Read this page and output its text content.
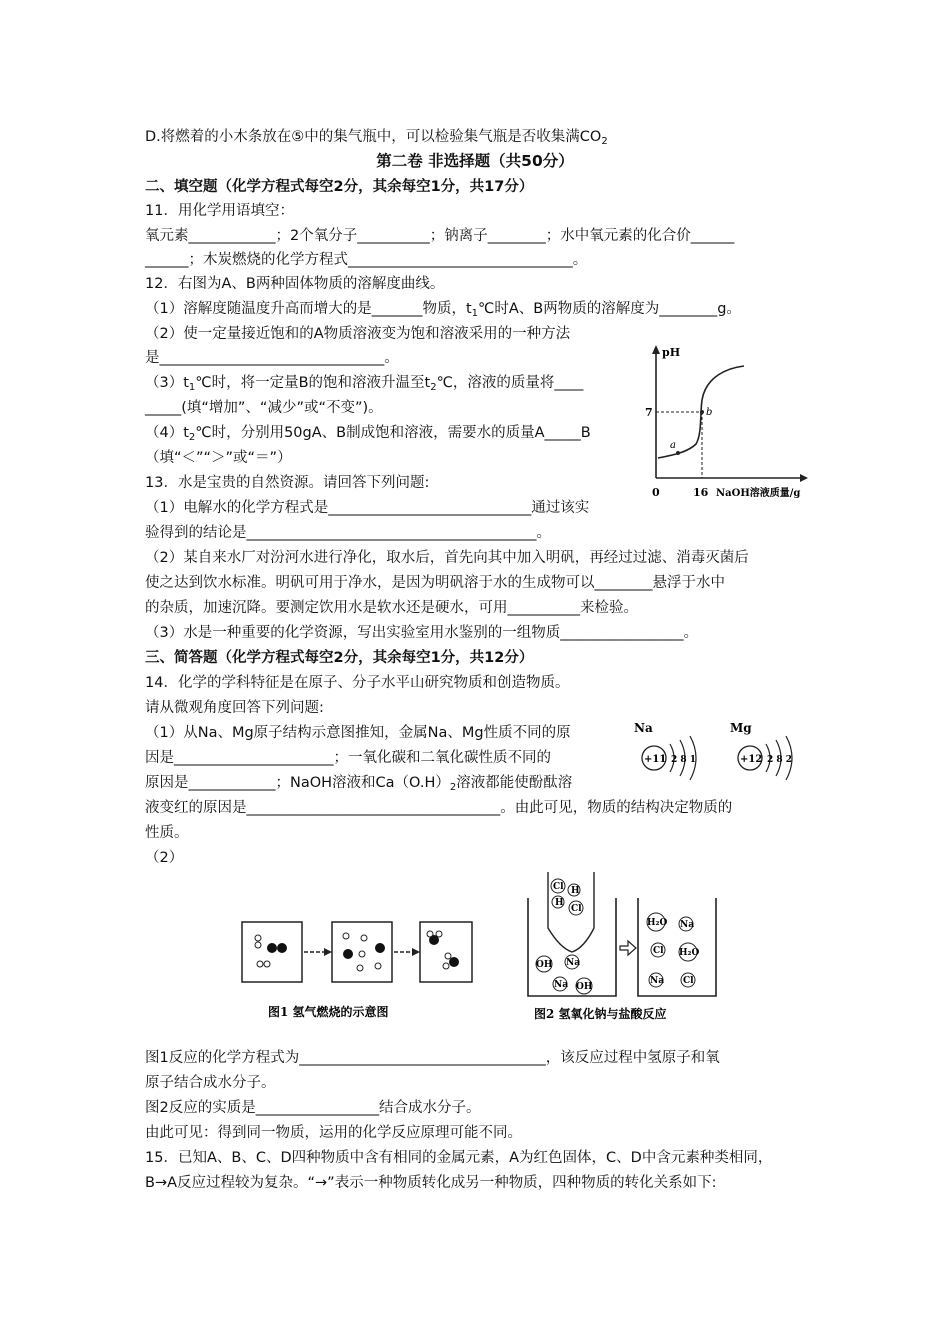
D.将燃着的小木条放在⑤中的集气瓶中，可以检验集气瓶是否收集满$CO_2$
第二卷 非选择题（共50分）
二、填空题（化学方程式每空2分，其余每空1分，共17分）
11．用化学用语填空：
氧元素____________；2个氧分子__________；钠离子________；水中氧元素的化合价______
______；木炭燃烧的化学方程式_______________________________。
12．右图为A、B两种固体物质的溶解度曲线。
（1）溶解度随温度升高而增大的是_______物质，$t_1℃$时A、B两物质的溶解度为________g。
（2）使一定量接近饱和的A物质溶液变为饱和溶液采用的一种方法
是_______________________________。
$(3)t_1℃$时，将一定量B的饱和溶液升温至$t_2℃$，溶液的质量将____
_____(填“增加”、“减少”或“不变”)。
$(4)t_2℃$时，分别用50gA、B制成饱和溶液，需要水的质量A_____B
（填“＜”“＞”或“＝”）
13．水是宝贵的自然资源。请回答下列问题:
（1）电解水的化学方程式是____________________________通过该实
验得到的结论是________________________________________。
（2）某自来水厂对汾河水进行净化，取水后，首先向其中加入明矾，再经过过滤、消毒灭菌后
使之达到饮水标准。明矾可用于净水，是因为明矾溶于水的生成物可以________悬浮于水中
的杂质，加速沉降。要测定饮用水是软水还是硬水，可用__________来检验。
（3）水是一种重要的化学资源，写出实验室用水鉴别的一组物质_________________。
三、简答题（化学方程式每空2分，其余每空1分，共12分）
14．化学的学科特征是在原子、分子水平山研究物质和创造物质。
请从微观角度回答下列问题:
（1）从Na、Mg原子结构示意图推知，金属Na、Mg性质不同的原
因是______________________；一氧化碳和二氧化碳性质不同的
原因是____________；NaOH溶液和$Ca(O.H)_2$溶液都能使酚酞溶
液变红的原因是___________________________________。由此可见，物质的结构决定物质的
性质。
（2）
图1反应的化学方程式为__________________________________，该反应过程中氢原子和氧
原子结合成水分子。
图2反应的实质是_________________结合成水分子。
由此可见：得到同一物质，运用的化学反应原理可能不同。
15．已知A、B、C、D四种物质中含有相同的金属元素，A为红色固体，C、D中含元素种类相同，
B→A反应过程较为复杂。“→”表示一种物质转化成另一种物质，四种物质的转化关系如下:
pH
7
0	16 NaOH溶液质量/g
a
b
Na
+11 2 8 1
Mg
+12 2 8 2
图1 氢气燃烧的示意图
Cl H
H
Cl
OH Na
Na OH
H₂O Na
Cl H₂O
Na Cl
图2 氢氧化钠与盐酸反应
